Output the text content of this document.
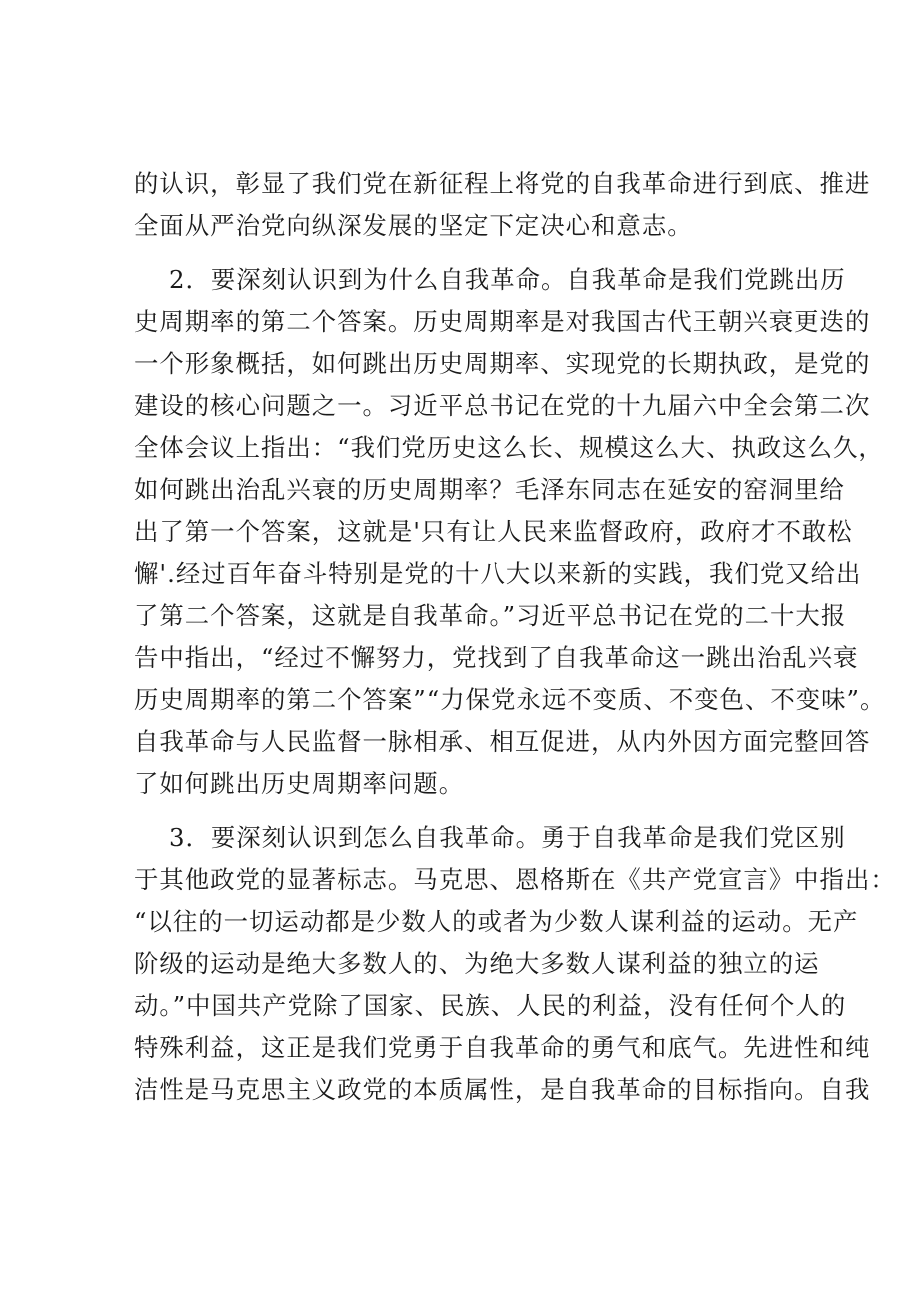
的认识，彰显了我们党在新征程上将党的自我革命进行到底、推进
全面从严治党向纵深发展的坚定下定决心和意志。
2．要深刻认识到为什么自我革命。自我革命是我们党跳出历
史周期率的第二个答案。历史周期率是对我国古代王朝兴衰更迭的
一个形象概括，如何跳出历史周期率、实现党的长期执政，是党的
建设的核心问题之一。习近平总书记在党的十九届六中全会第二次
全体会议上指出：“我们党历史这么长、规模这么大、执政这么久，
如何跳出治乱兴衰的历史周期率？毛泽东同志在延安的窑洞里给
出了第一个答案，这就是'只有让人民来监督政府，政府才不敢松
懈'.经过百年奋斗特别是党的十八大以来新的实践，我们党又给出
了第二个答案，这就是自我革命。”习近平总书记在党的二十大报
告中指出，“经过不懈努力，党找到了自我革命这一跳出治乱兴衰
历史周期率的第二个答案”“力保党永远不变质、不变色、不变味”。
自我革命与人民监督一脉相承、相互促进，从内外因方面完整回答
了如何跳出历史周期率问题。
3．要深刻认识到怎么自我革命。勇于自我革命是我们党区别
于其他政党的显著标志。马克思、恩格斯在《共产党宣言》中指出：
“以往的一切运动都是少数人的或者为少数人谋利益的运动。无产
阶级的运动是绝大多数人的、为绝大多数人谋利益的独立的运
动。”中国共产党除了国家、民族、人民的利益，没有任何个人的
特殊利益，这正是我们党勇于自我革命的勇气和底气。先进性和纯
洁性是马克思主义政党的本质属性，是自我革命的目标指向。自我
